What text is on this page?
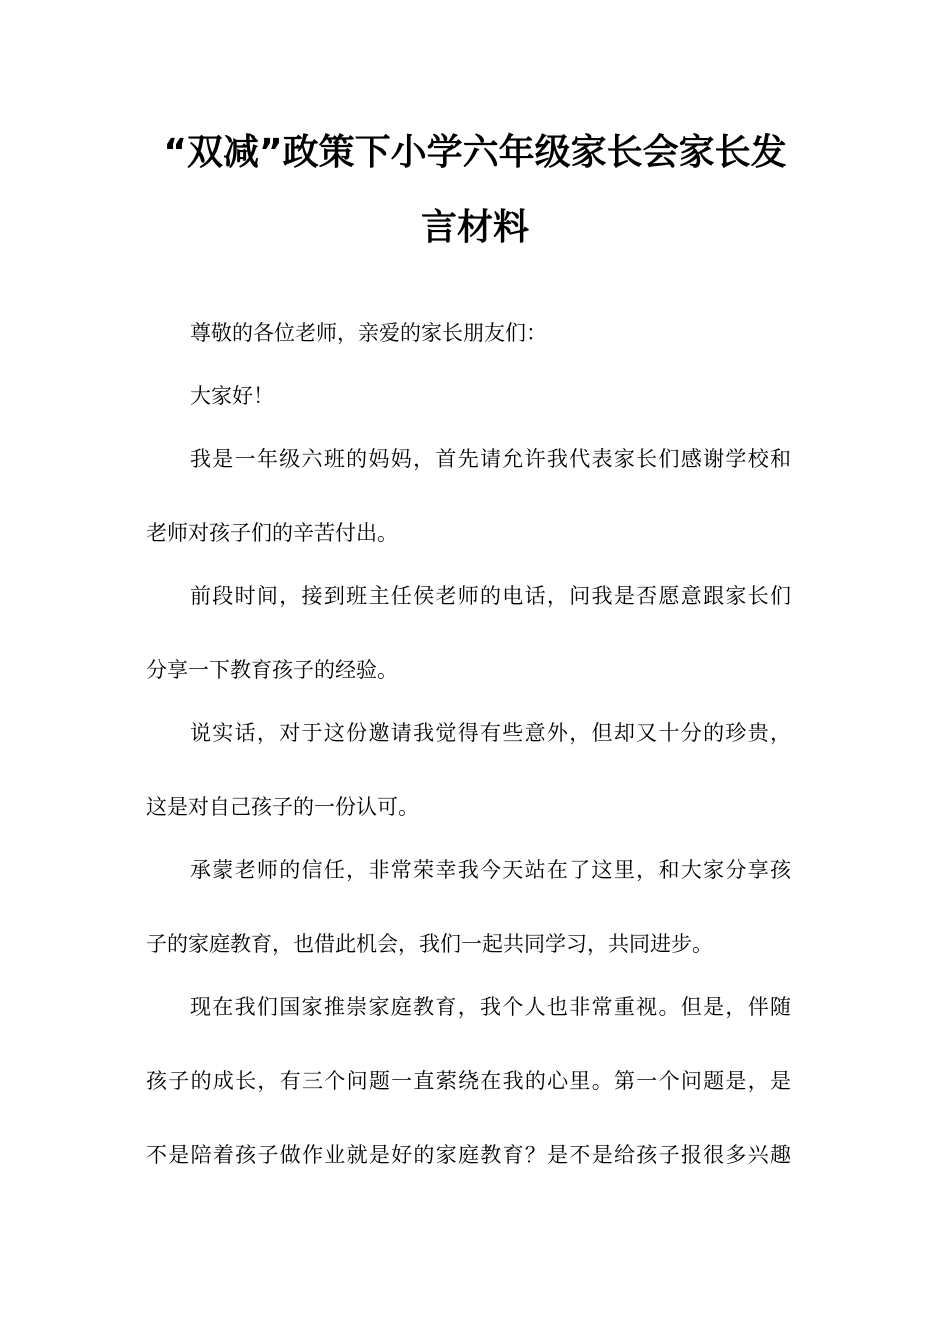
“双减”政策下小学六年级家长会家长发
言材料

尊敬的各位老师，亲爱的家长朋友们：

大家好！

我是一年级六班的妈妈，首先请允许我代表家长们感谢学校和

老师对孩子们的辛苦付出。

前段时间，接到班主任侯老师的电话，问我是否愿意跟家长们

分享一下教育孩子的经验。

说实话，对于这份邀请我觉得有些意外，但却又十分的珍贵，

这是对自己孩子的一份认可。

承蒙老师的信任，非常荣幸我今天站在了这里，和大家分享孩

子的家庭教育，也借此机会，我们一起共同学习，共同进步。

现在我们国家推崇家庭教育，我个人也非常重视。但是，伴随

孩子的成长，有三个问题一直萦绕在我的心里。第一个问题是，是

不是陪着孩子做作业就是好的家庭教育？是不是给孩子报很多兴趣
